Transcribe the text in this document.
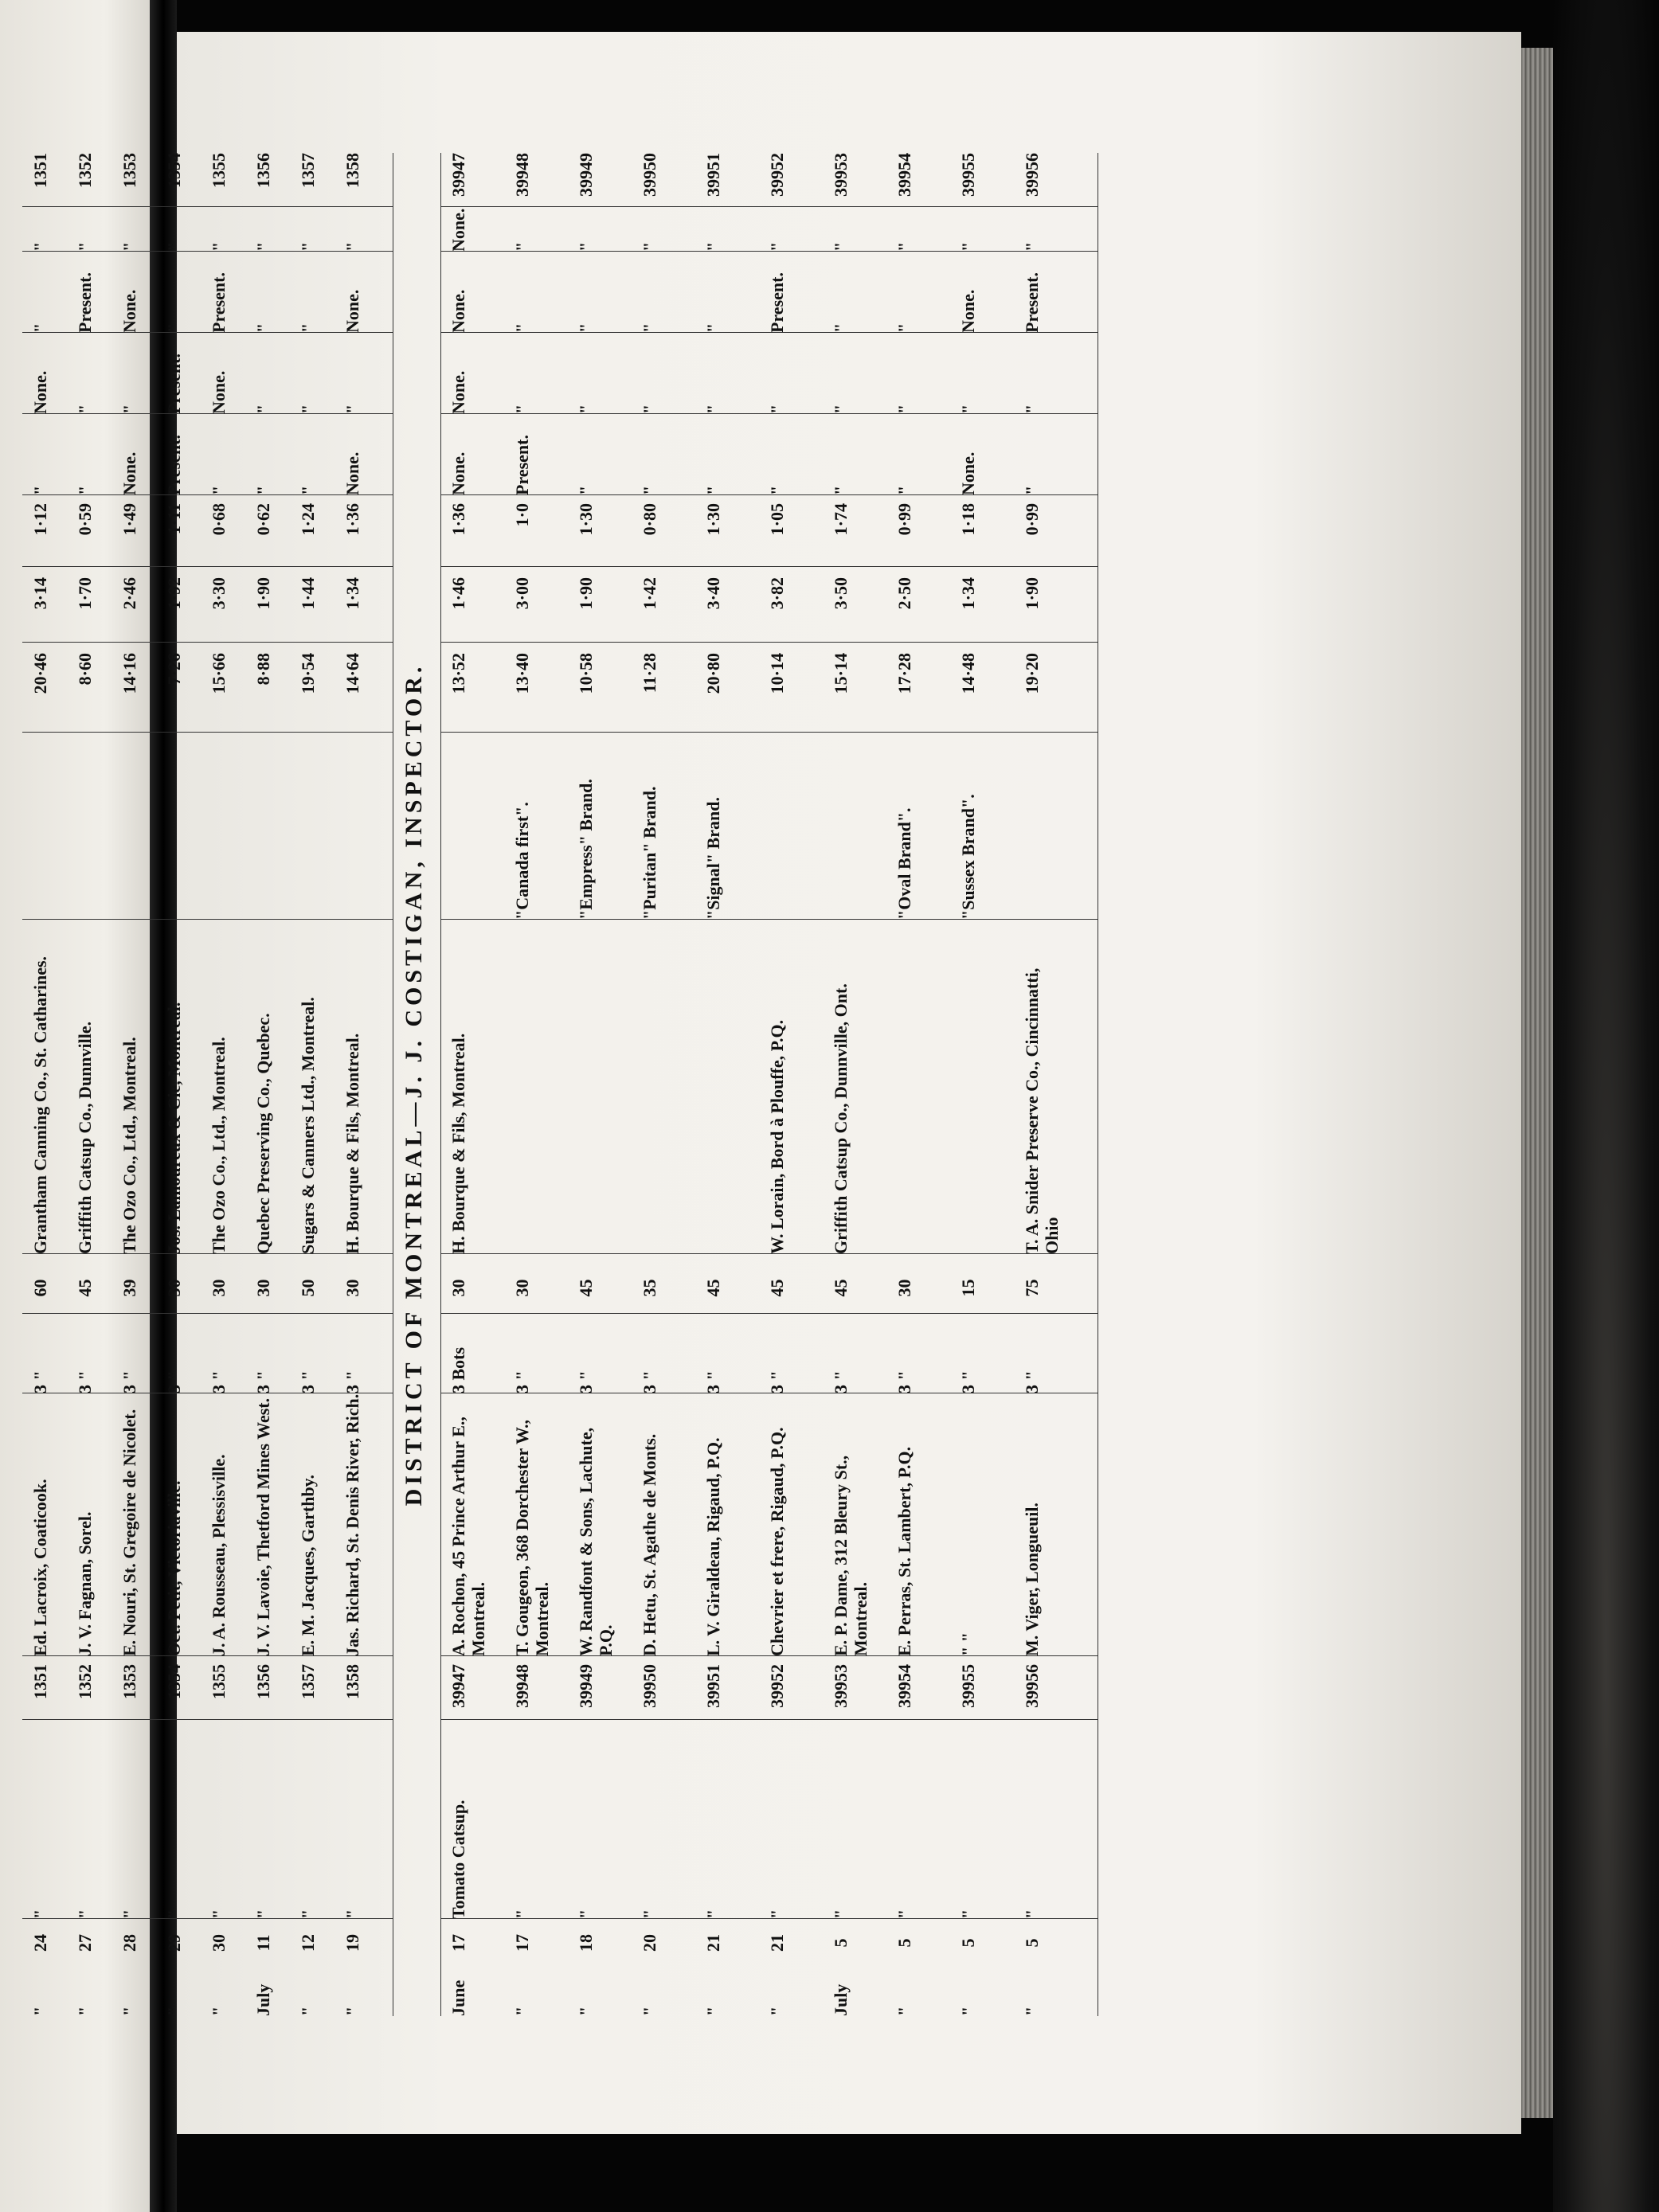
"
24
"
1351
Ed. Lacroix, Coaticook.
3 "
60
Grantham Canning Co., St. Catharines.
20·46
3·14
1·12
"
None.
"
"
1351
"
27
"
1352
J. V. Fagnan, Sorel.
3 "
45
Griffith Catsup Co., Dunnville.
8·60
1·70
0·59
"
"
Present.
"
1352
"
28
"
1353
E. Nouri, St. Gregoire de Nicolet.
3 "
39
The Ozo Co., Ltd., Montreal.
14·16
2·46
1·49
None.
"
None.
"
1353
"
29
"
1354
Oct. Petit, Victoriaville.
3 "
30
Jos. Lamoureux & Cie, Montreal.
7·26
1·92
1·11
Present.
Present.
"
"
1354
"
30
"
1355
J. A. Rousseau, Plessisville.
3 "
30
The Ozo Co., Ltd., Montreal.
15·66
3·30
0·68
"
None.
Present.
"
1355
July
11
"
1356
J. V. Lavoie, Thetford Mines West.
3 "
30
Quebec Preserving Co., Quebec.
8·88
1·90
0·62
"
"
"
"
1356
"
12
"
1357
E. M. Jacques, Garthby.
3 "
50
Sugars & Canners Ltd., Montreal.
19·54
1·44
1·24
"
"
"
"
1357
"
19
"
1358
Jas. Richard, St. Denis River, Rich.
3 "
30
H. Bourque & Fils, Montreal.
14·64
1·34
1·36
None.
"
None.
"
1358
DISTRICT OF MONTREAL—J. J. COSTIGAN, INSPECTOR.
June
17
Tomato Catsup.
39947
A. Rochon, 45 Prince Arthur E., Montreal.
3 Bots
30
H. Bourque & Fils, Montreal.
13·52
1·46
1·36
None.
None.
None.
None.
39947
"
17
"
39948
T. Gougeon, 368 Dorchester W., Montreal.
3 "
30
"Canada first".
13·40
3·00
1·0
Present.
"
"
"
39948
"
18
"
39949
W. Randfont & Sons, Lachute, P.Q.
3 "
45
"Empress" Brand.
10·58
1·90
1·30
"
"
"
"
39949
"
20
"
39950
D. Hetu, St. Agathe de Monts.
3 "
35
"Puritan" Brand.
11·28
1·42
0·80
"
"
"
"
39950
"
21
"
39951
L. V. Giraldeau, Rigaud, P.Q.
3 "
45
"Signal" Brand.
20·80
3·40
1·30
"
"
"
"
39951
"
21
"
39952
Chevrier et frere, Rigaud, P.Q.
3 "
45
W. Lorain, Bord à Plouffe, P.Q.
10·14
3·82
1·05
"
"
Present.
"
39952
July
5
"
39953
E. P. Dame, 312 Bleury St., Montreal.
3 "
45
Griffith Catsup Co., Dunnville, Ont.
15·14
3·50
1·74
"
"
"
"
39953
"
5
"
39954
E. Perras, St. Lambert, P.Q.
3 "
30
"Oval Brand".
17·28
2·50
0·99
"
"
"
"
39954
"
5
"
39955
" "
3 "
15
"Sussex Brand".
14·48
1·34
1·18
None.
"
None.
"
39955
"
5
"
39956
M. Viger, Longueuil.
3 "
75
T. A. Snider Preserve Co., Cincinnatti, Ohio
19·20
1·90
0·99
"
"
Present.
"
39956
